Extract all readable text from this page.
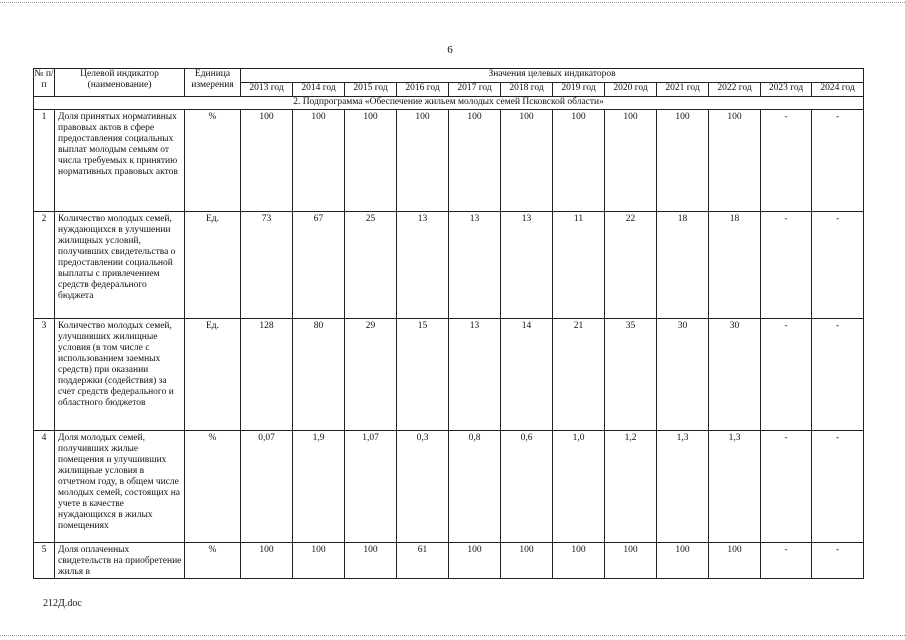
6
№ п/п	Целевой индикатор (наименование)	Единица измерения	Значения целевых индикаторов											
			2013 год	2014 год	2015 год	2016 год	2017 год	2018 год	2019 год	2020 год	2021 год	2022 год	2023 год	2024 год
2. Подпрограмма «Обеспечение жильем молодых семей Псковской области»														
1	Доля принятых нормативных правовых актов в сфере предоставления социальных выплат молодым семьям от числа требуемых к принятию нормативных правовых актов	%	100	100	100	100	100	100	100	100	100	100	-	-
2	Количество молодых семей, нуждающихся в улучшении жилищных условий, получивших свидетельства о предоставлении социальной выплаты с привлечением средств федерального бюджета	Ед.	73	67	25	13	13	13	11	22	18	18	-	-
3	Количество молодых семей, улучшивших жилищные условия (в том числе с использованием заемных средств) при оказании поддержки (содействия) за счет средств федерального и областного бюджетов	Ед.	128	80	29	15	13	14	21	35	30	30	-	-
4	Доля молодых семей, получивших жилые помещения и улучшивших жилищные условия в отчетном году, в общем числе молодых семей, состоящих на учете в качестве нуждающихся в жилых помещениях	%	0,07	1,9	1,07	0,3	0,8	0,6	1,0	1,2	1,3	1,3	-	-
5	Доля оплаченных свидетельств на приобретение жилья в	%	100	100	100	61	100	100	100	100	100	100	-	-
212Д.doc
